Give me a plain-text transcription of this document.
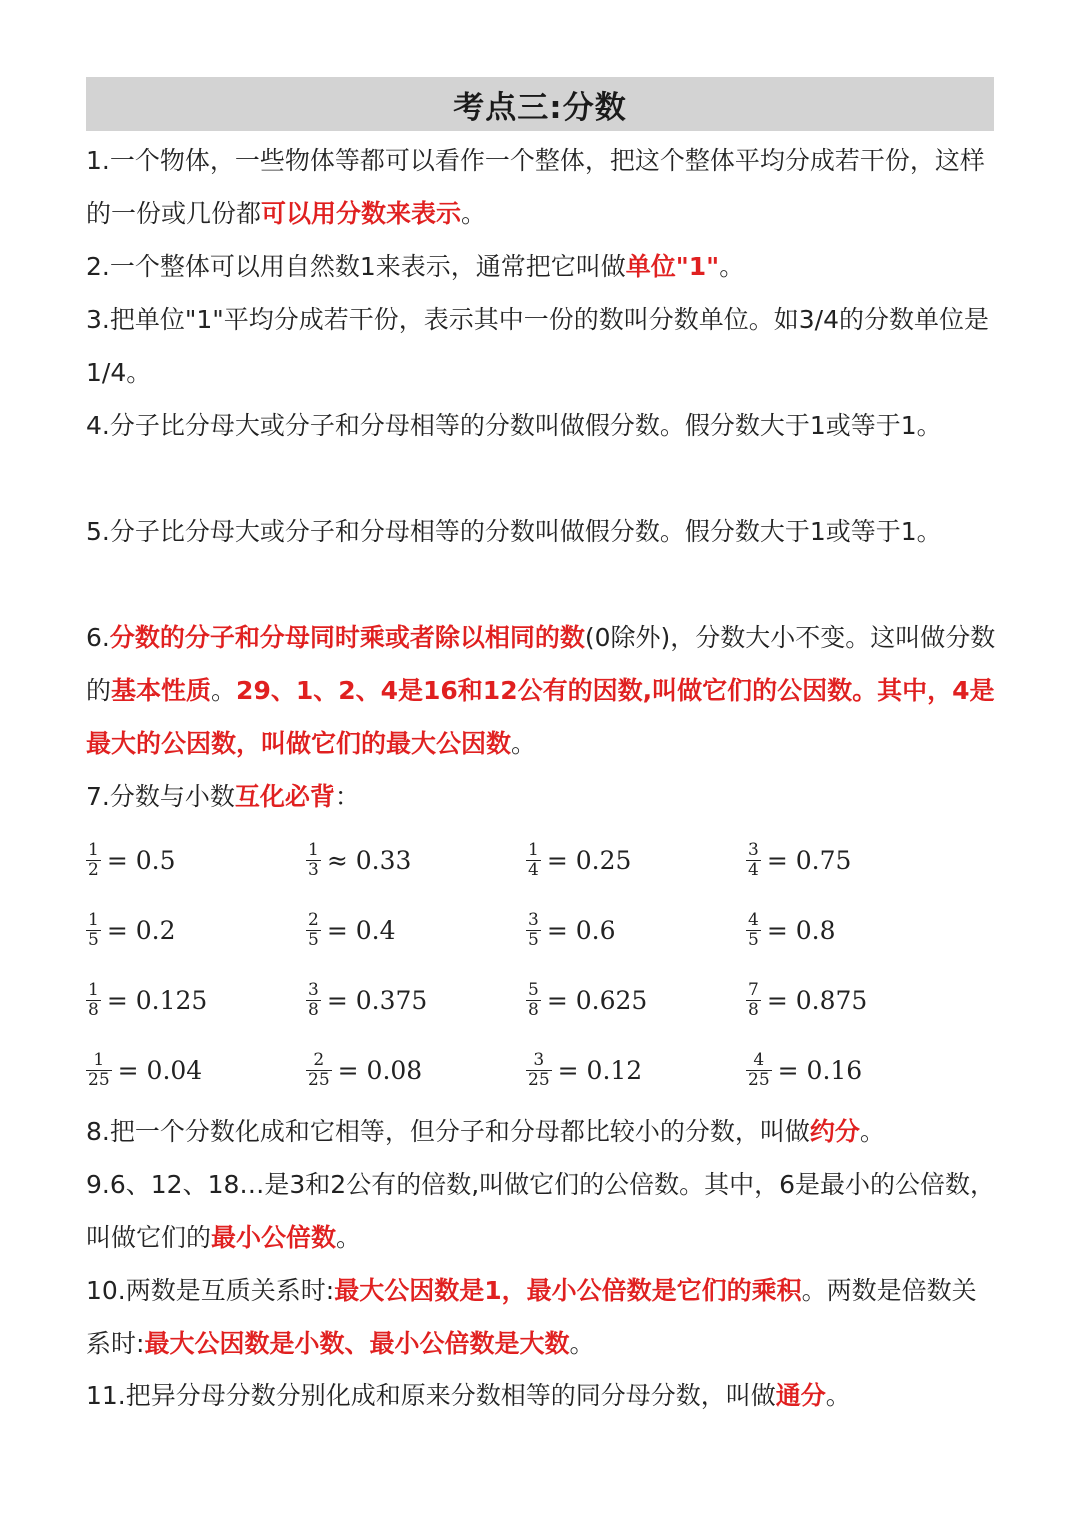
考点三:分数
1.一个物体，一些物体等都可以看作一个整体，把这个整体平均分成若干份，这样的一份或几份都可以用分数来表示。
2.一个整体可以用自然数1来表示，通常把它叫做单位"1"。
3.把单位"1"平均分成若干份，表示其中一份的数叫分数单位。如3/4的分数单位是1/4。
4.分子比分母大或分子和分母相等的分数叫做假分数。假分数大于1或等于1。
5.分子比分母大或分子和分母相等的分数叫做假分数。假分数大于1或等于1。
6.分数的分子和分母同时乘或者除以相同的数(0除外)，分数大小不变。这叫做分数的基本性质。29、1、2、4是16和12公有的因数,叫做它们的公因数。其中，4是最大的公因数，叫做它们的最大公因数。
7.分数与小数互化必背：
$\frac{1}{2} = 0.5$	$\frac{1}{3} \approx 0.33$	$\frac{1}{4} = 0.25$	$\frac{3}{4} = 0.75$
$\frac{1}{5} = 0.2$	$\frac{2}{5} = 0.4$	$\frac{3}{5} = 0.6$	$\frac{4}{5} = 0.8$
$\frac{1}{8} = 0.125$	$\frac{3}{8} = 0.375$	$\frac{5}{8} = 0.625$	$\frac{7}{8} = 0.875$
$\frac{1}{25} = 0.04$	$\frac{2}{25} = 0.08$	$\frac{3}{25} = 0.12$	$\frac{4}{25} = 0.16$
8.把一个分数化成和它相等，但分子和分母都比较小的分数，叫做约分。
9.6、12、18…是3和2公有的倍数,叫做它们的公倍数。其中，6是最小的公倍数，叫做它们的最小公倍数。
10.两数是互质关系时:最大公因数是1，最小公倍数是它们的乘积。两数是倍数关系时:最大公因数是小数、最小公倍数是大数。
11.把异分母分数分别化成和原来分数相等的同分母分数，叫做通分。
